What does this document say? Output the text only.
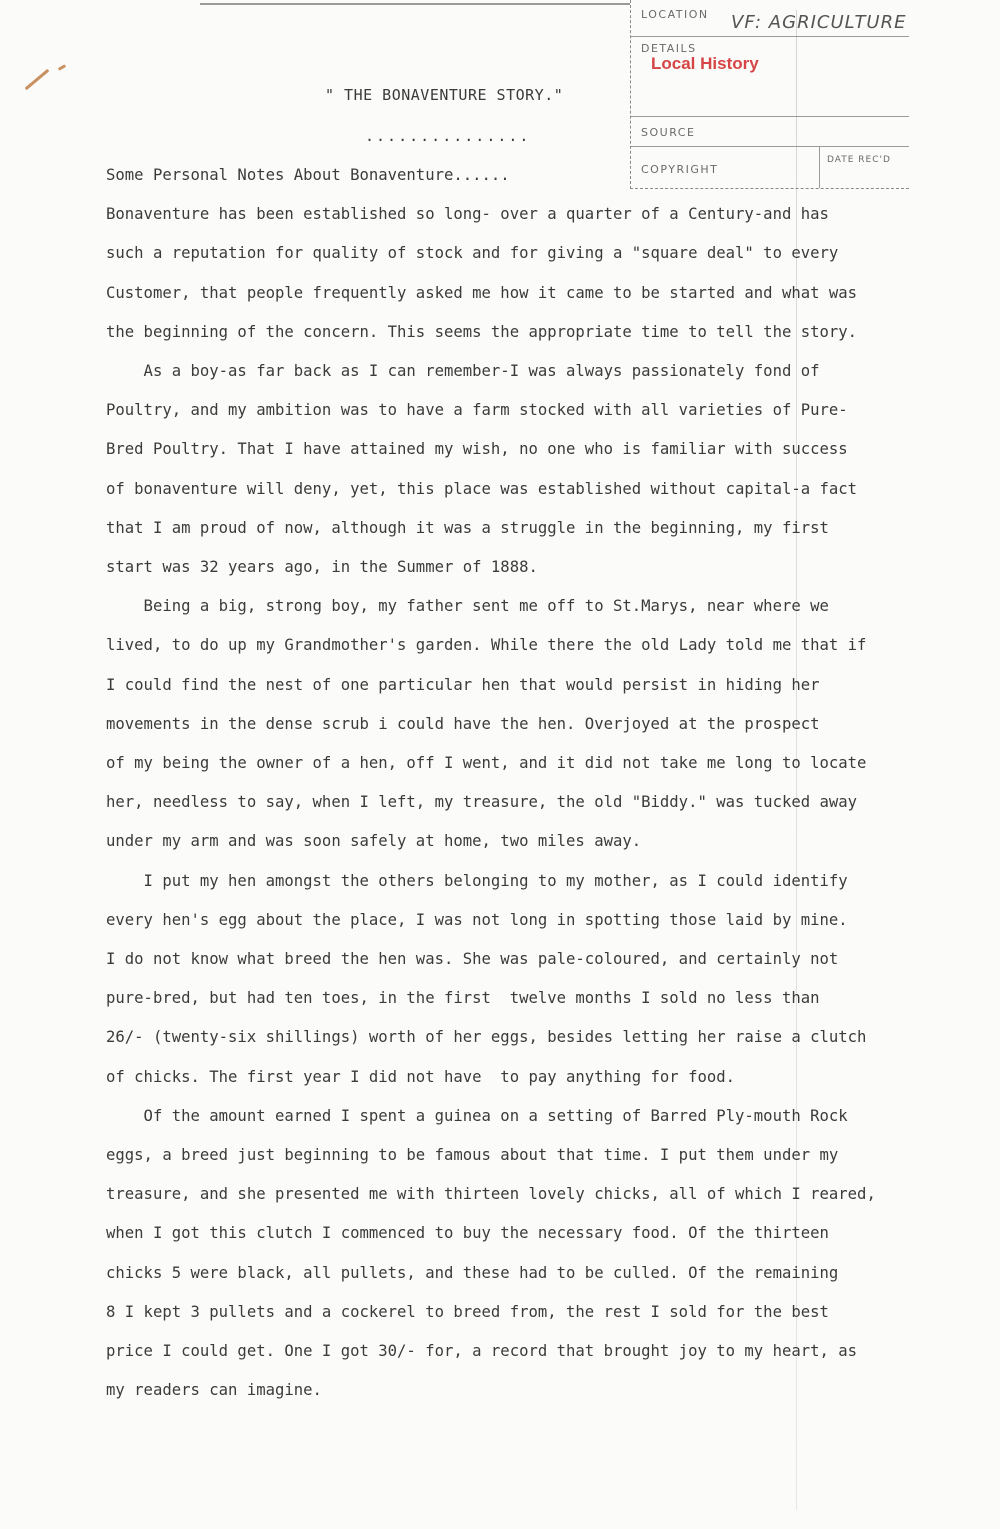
LOCATION VF: AGRICULTURE
DETAILS
Local History
SOURCE
COPYRIGHT
DATE REC'D
" THE BONAVENTURE STORY."
...............
Some Personal Notes About Bonaventure......
Bonaventure has been established so long- over a quarter of a Century-and has
such a reputation for quality of stock and for giving a "square deal" to every
Customer, that people frequently asked me how it came to be started and what was
the beginning of the concern. This seems the appropriate time to tell the story.
As a boy-as far back as I can remember-I was always passionately fond of
Poultry, and my ambition was to have a farm stocked with all varieties of Pure-
Bred Poultry. That I have attained my wish, no one who is familiar with success
of bonaventure will deny, yet, this place was established without capital-a fact
that I am proud of now, although it was a struggle in the beginning, my first
start was 32 years ago, in the Summer of 1888.
Being a big, strong boy, my father sent me off to St.Marys, near where we
lived, to do up my Grandmother's garden. While there the old Lady told me that if
I could find the nest of one particular hen that would persist in hiding her
movements in the dense scrub i could have the hen. Overjoyed at the prospect
of my being the owner of a hen, off I went, and it did not take me long to locate
her, needless to say, when I left, my treasure, the old "Biddy." was tucked away
under my arm and was soon safely at home, two miles away.
I put my hen amongst the others belonging to my mother, as I could identify
every hen's egg about the place, I was not long in spotting those laid by mine.
I do not know what breed the hen was. She was pale-coloured, and certainly not
pure-bred, but had ten toes, in the first  twelve months I sold no less than
26/- (twenty-six shillings) worth of her eggs, besides letting her raise a clutch
of chicks. The first year I did not have  to pay anything for food.
Of the amount earned I spent a guinea on a setting of Barred Ply-mouth Rock
eggs, a breed just beginning to be famous about that time. I put them under my
treasure, and she presented me with thirteen lovely chicks, all of which I reared,
when I got this clutch I commenced to buy the necessary food. Of the thirteen
chicks 5 were black, all pullets, and these had to be culled. Of the remaining
8 I kept 3 pullets and a cockerel to breed from, the rest I sold for the best
price I could get. One I got 30/- for, a record that brought joy to my heart, as
my readers can imagine.
